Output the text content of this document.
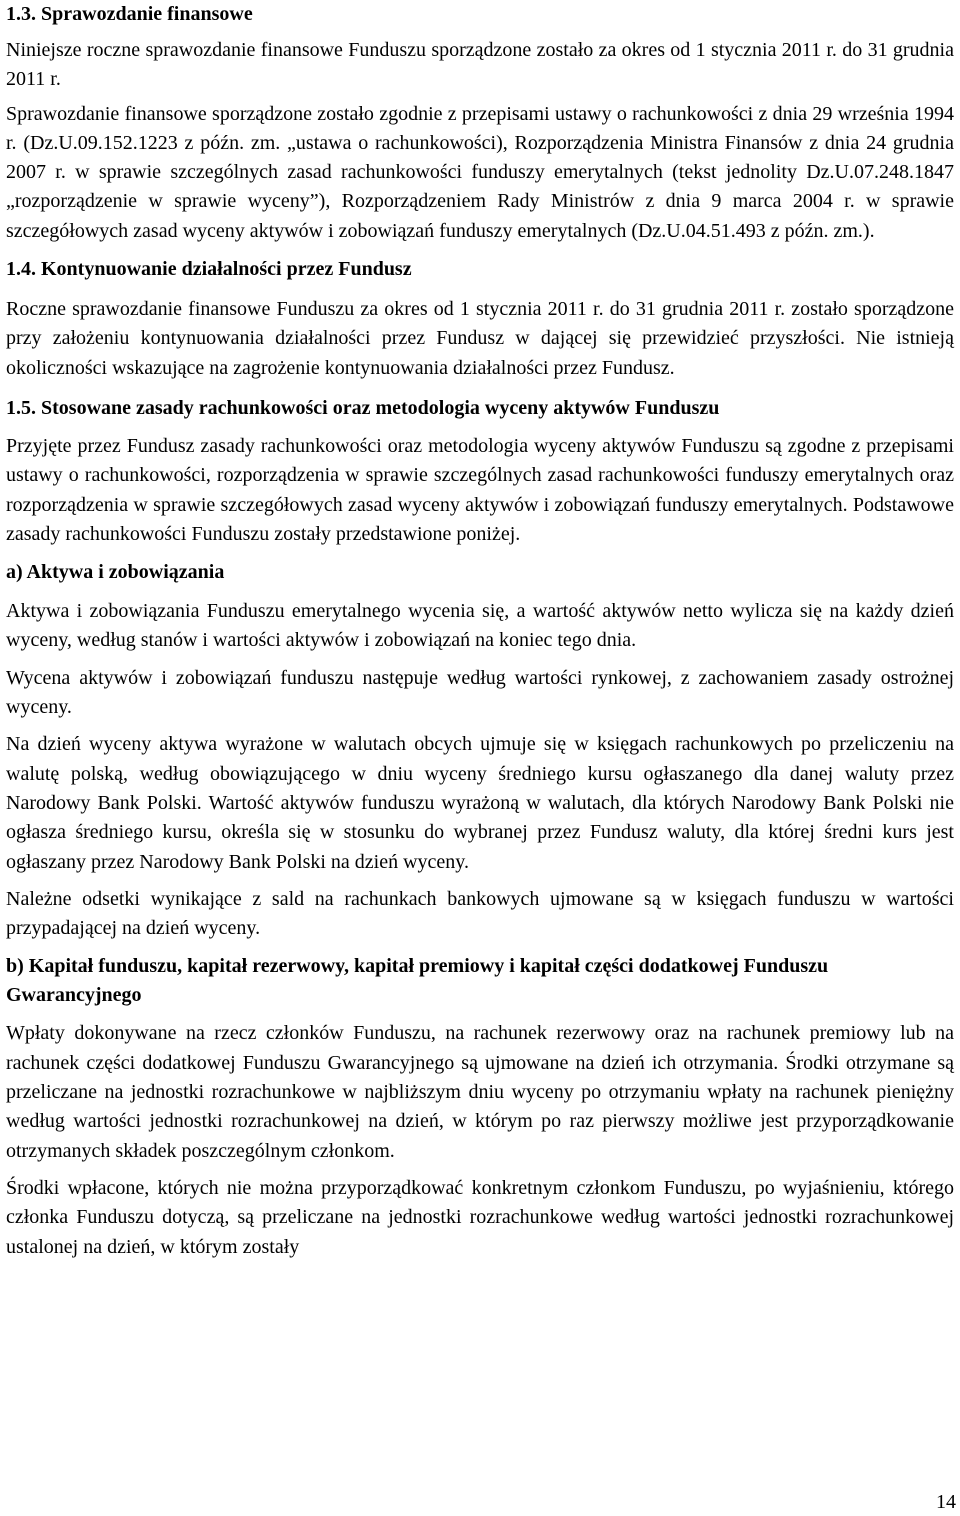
1.3. Sprawozdanie finansowe

Niniejsze roczne sprawozdanie finansowe Funduszu sporządzone zostało za okres od 1 stycznia 2011 r. do 31 grudnia 2011 r.

Sprawozdanie finansowe sporządzone zostało zgodnie z przepisami ustawy o rachunkowości z dnia 29 września 1994 r. (Dz.U.09.152.1223 z późn. zm. „ustawa o rachunkowości), Rozporządzenia Ministra Finansów z dnia 24 grudnia 2007 r. w sprawie szczególnych zasad rachunkowości funduszy emerytalnych (tekst jednolity Dz.U.07.248.1847 „rozporządzenie w sprawie wyceny”), Rozporządzeniem Rady Ministrów z dnia 9 marca 2004 r. w sprawie szczegółowych zasad wyceny aktywów i zobowiązań funduszy emerytalnych (Dz.U.04.51.493 z późn. zm.).

1.4. Kontynuowanie działalności przez Fundusz

Roczne sprawozdanie finansowe Funduszu za okres od 1 stycznia 2011 r. do 31 grudnia 2011 r. zostało sporządzone przy założeniu kontynuowania działalności przez Fundusz w dającej się przewidzieć przyszłości. Nie istnieją okoliczności wskazujące na zagrożenie kontynuowania działalności przez Fundusz.

1.5. Stosowane zasady rachunkowości oraz metodologia wyceny aktywów Funduszu

Przyjęte przez Fundusz zasady rachunkowości oraz metodologia wyceny aktywów Funduszu są zgodne z przepisami ustawy o rachunkowości, rozporządzenia w sprawie szczególnych zasad rachunkowości funduszy emerytalnych oraz rozporządzenia w sprawie szczegółowych zasad wyceny aktywów i zobowiązań funduszy emerytalnych. Podstawowe zasady rachunkowości Funduszu zostały przedstawione poniżej.

a) Aktywa i zobowiązania

Aktywa i zobowiązania Funduszu emerytalnego wycenia się, a wartość aktywów netto wylicza się na każdy dzień wyceny, według stanów i wartości aktywów i zobowiązań na koniec tego dnia.

Wycena aktywów i zobowiązań funduszu następuje według wartości rynkowej, z zachowaniem zasady ostrożnej wyceny.

Na dzień wyceny aktywa wyrażone w walutach obcych ujmuje się w księgach rachunkowych po przeliczeniu na walutę polską, według obowiązującego w dniu wyceny średniego kursu ogłaszanego dla danej waluty przez Narodowy Bank Polski. Wartość aktywów funduszu wyrażoną w walutach, dla których Narodowy Bank Polski nie ogłasza średniego kursu, określa się w stosunku do wybranej przez Fundusz waluty, dla której średni kurs jest ogłaszany przez Narodowy Bank Polski na dzień wyceny.

Należne odsetki wynikające z sald na rachunkach bankowych ujmowane są w księgach funduszu w wartości przypadającej na dzień wyceny.

b) Kapitał funduszu, kapitał rezerwowy, kapitał premiowy i kapitał części dodatkowej Funduszu Gwarancyjnego

Wpłaty dokonywane na rzecz członków Funduszu, na rachunek rezerwowy oraz na rachunek premiowy lub na rachunek części dodatkowej Funduszu Gwarancyjnego są ujmowane na dzień ich otrzymania. Środki otrzymane są przeliczane na jednostki rozrachunkowe w najbliższym dniu wyceny po otrzymaniu wpłaty na rachunek pieniężny według wartości jednostki rozrachunkowej na dzień, w którym po raz pierwszy możliwe jest przyporządkowanie otrzymanych składek poszczególnym członkom.

Środki wpłacone, których nie można przyporządkować konkretnym członkom Funduszu, po wyjaśnieniu, którego członka Funduszu dotyczą, są przeliczane na jednostki rozrachunkowe według wartości jednostki rozrachunkowej ustalonej na dzień, w którym zostały

14
